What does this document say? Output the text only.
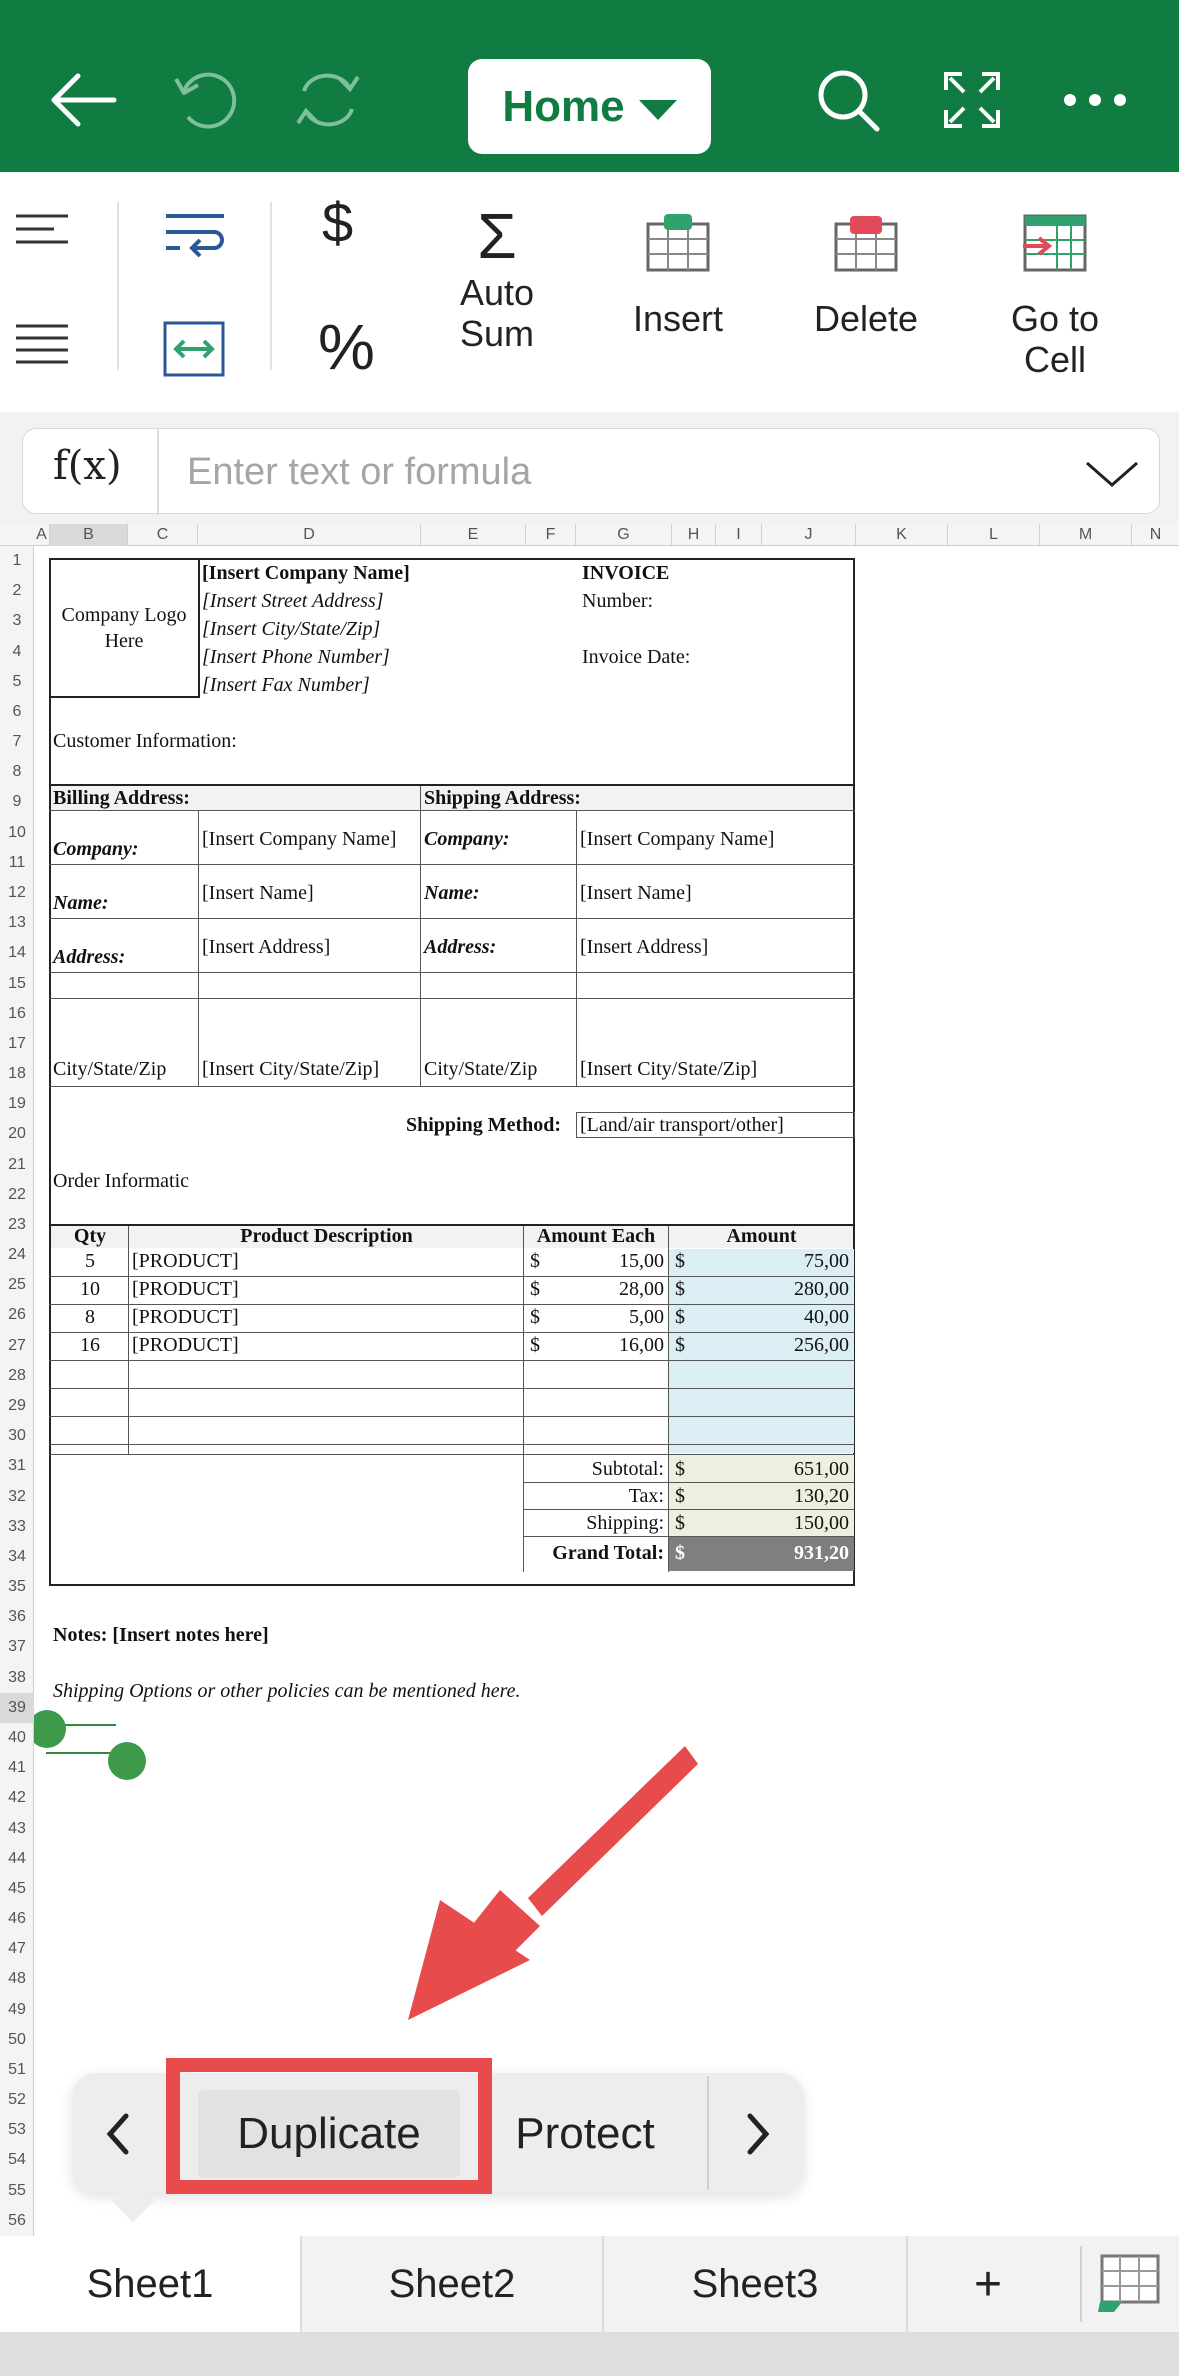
Home
$
%
Σ
Auto
Sum	Insert	Delete	Go to
Cell
f(x) Enter text or formula
A	B	C	D	E	F	G	H	I	J	K	L	M	N
1
2
3
4
5
6
7
8
9
10
11
12
13
14
15
16
17
18
19
20
21
22
23
24
25
26
27
28
29
30
31
32
33
34
35
36
37
38
39
40
41
42
43
44
45
46
47
48
49
50
51
52
53
54
55
56
Company Logo
Here
[Insert Company Name]
[Insert Street Address]
[Insert City/State/Zip]
[Insert Phone Number]
[Insert Fax Number]
INVOICE
Number:
Invoice Date:
Customer Information:
Billing Address:	Shipping Address:
Company:	[Insert Company Name] Company:	[Insert Company Name]
Name:	[Insert Name]	Name:	[Insert Name]
Address:	[Insert Address]	Address:	[Insert Address]
City/State/Zip [Insert City/State/Zip] City/State/Zip [Insert City/State/Zip]
Shipping Method: [Land/air transport/other]
Order Informatic
Qty	Product Description	Amount Each	Amount
5	[PRODUCT]	$	15,00 $	75,00
10	[PRODUCT]	$	28,00 $	280,00
8	[PRODUCT]	$	5,00 $	40,00
16	[PRODUCT]	$	16,00 $	256,00
Subtotal: $	651,00
Tax: $	130,20
Shipping: $	150,00
Grand Total: $	931,20
Notes: [Insert notes here]
Shipping Options or other policies can be mentioned here.
Duplicate	Protect
Sheet1	Sheet2	Sheet3	+
